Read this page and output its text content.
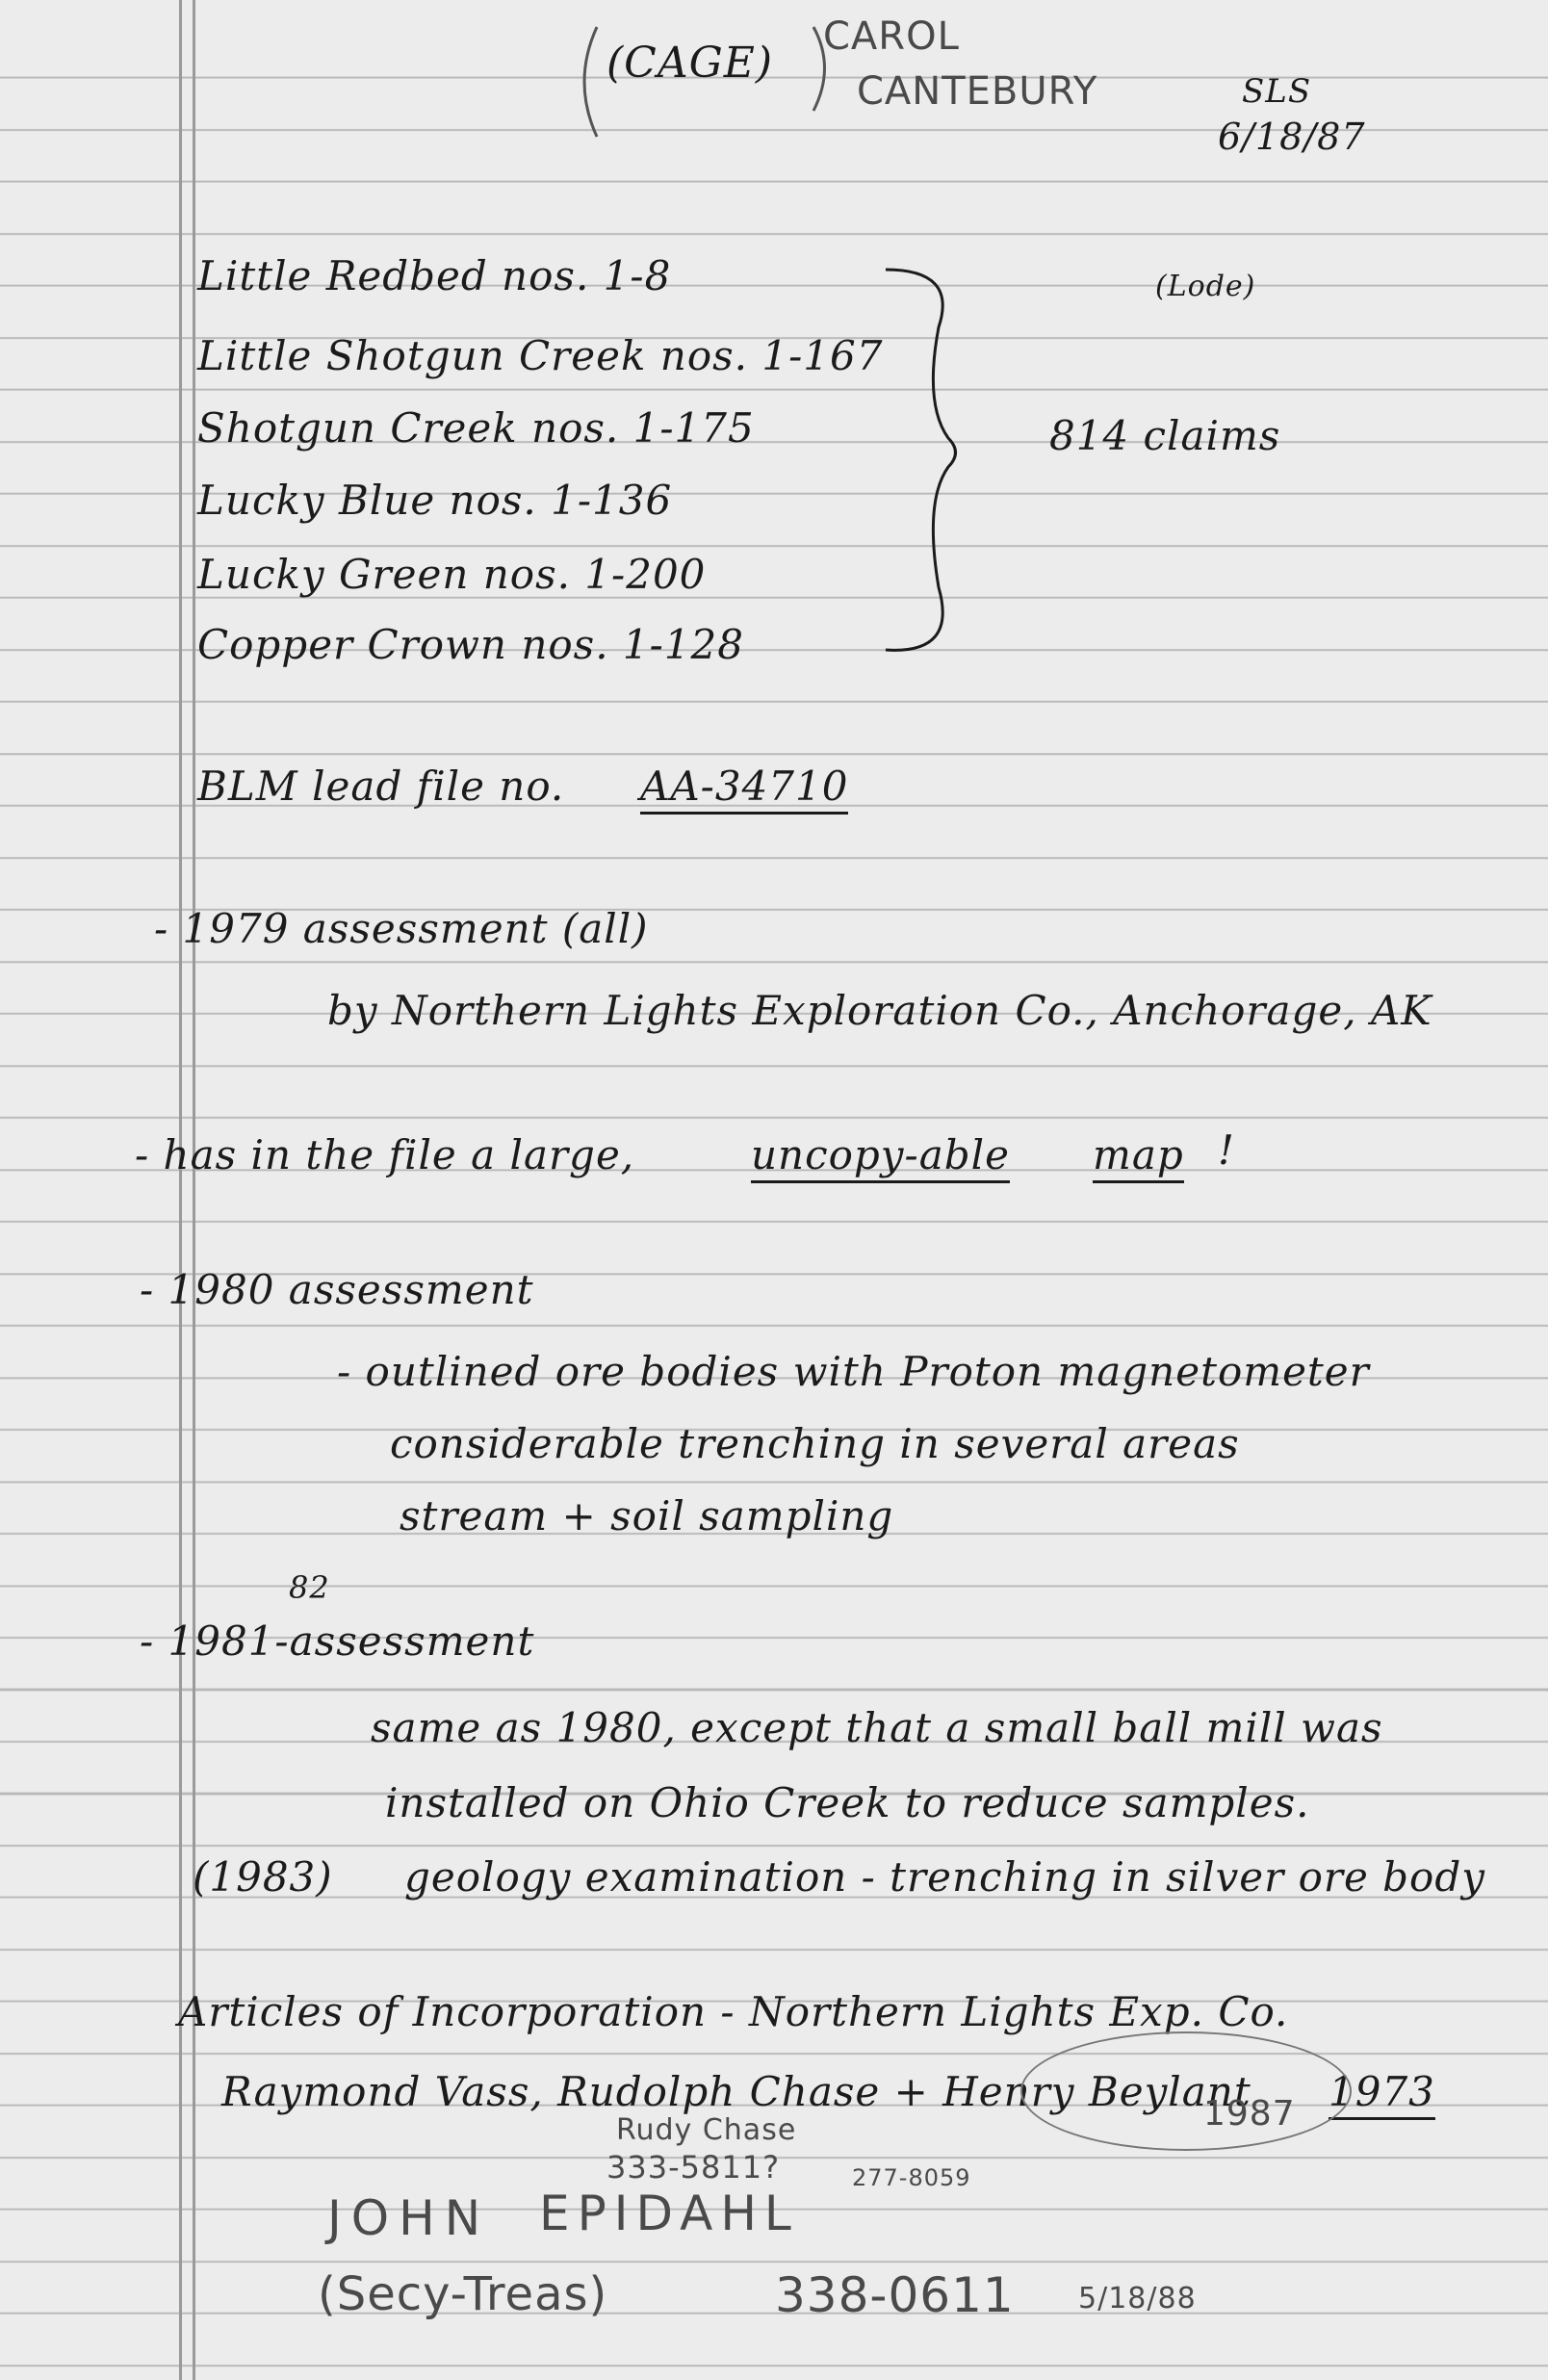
(CAGE)
CAROL
CANTEBURY	SLS
6/18/87
Little Redbed nos. 1-8
Little Shotgun Creek nos. 1-167
Shotgun Creek nos. 1-175
Lucky Blue nos. 1-136
Lucky Green nos. 1-200
Copper Crown nos. 1-128
(Lode)
814 claims
BLM lead file no. AA-34710
- 1979 assessment (all)
by Northern Lights Exploration Co., Anchorage, AK
- has in the file a large,	uncopy-able map !
- 1980 assessment
- outlined ore bodies with Proton magnetometer
considerable trenching in several areas
stream + soil sampling
82
- 1981-assessment
same as 1980, except that a small ball mill was
installed on Ohio Creek to reduce samples.
(1983) geology examination - trenching in silver ore body
Articles of Incorporation - Northern Lights Exp. Co.
Raymond Vass, Rudolph Chase + Henry Beylant 1973
1987
Rudy Chase
333-5811?	277-8059
JOHN EPIDAHL
(Secy-Treas)	338-0611 5/18/88
